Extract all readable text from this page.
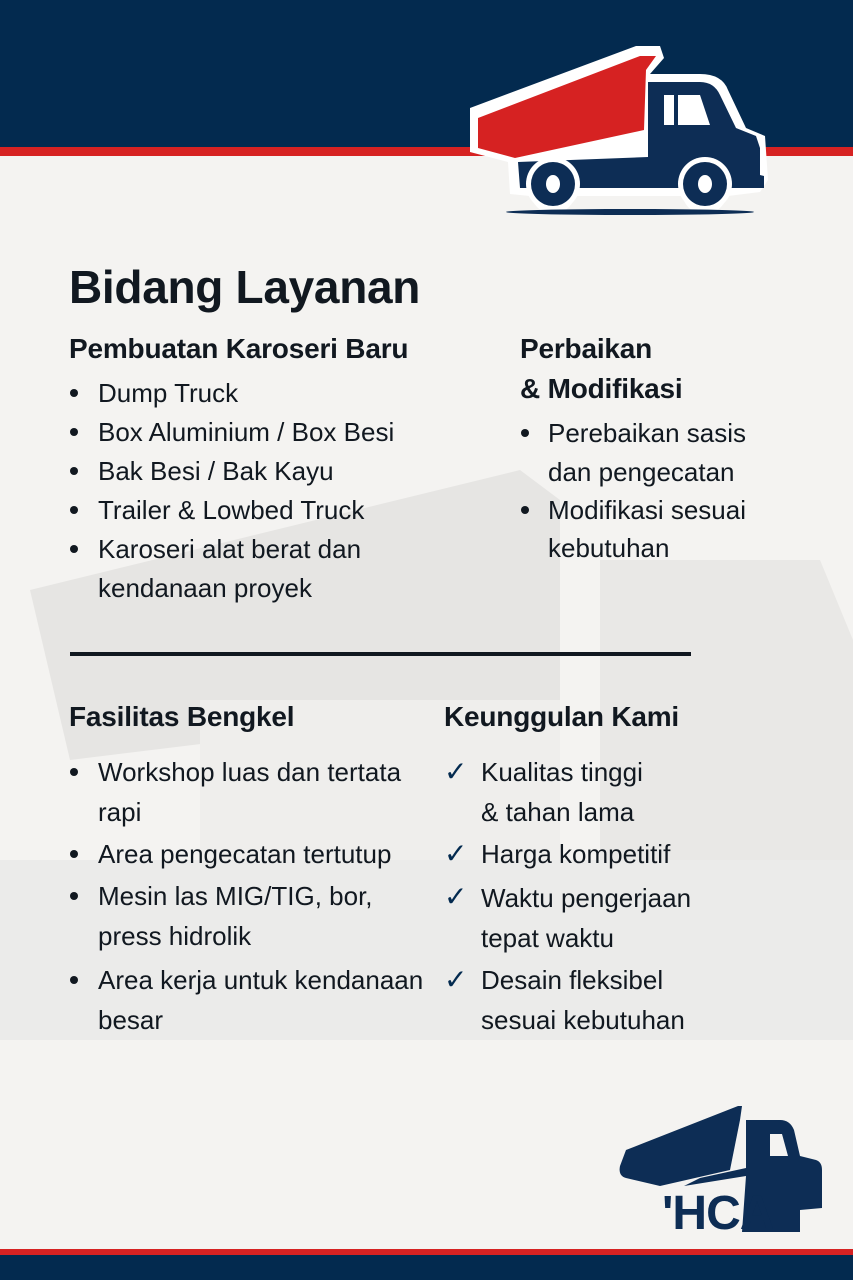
Bidang Layanan
Pembuatan Karoseri Baru
Dump Truck
Box Aluminium / Box Besi
Bak Besi / Bak Kayu
Trailer & Lowbed Truck
Karoseri alat berat dan
kendanaan proyek
Perbaikan
& Modifikasi
Perebaikan sasis
dan pengecatan
Modifikasi sesuai
kebutuhan
Fasilitas Bengkel
Workshop luas dan tertata
rapi
Area pengecatan tertutup
Mesin las MIG/TIG, bor,
press hidrolik
Area kerja untuk kendanaan
besar
Keunggulan Kami
✓ Kualitas tinggi
& tahan lama
✓ Harga kompetitif
✓ Waktu pengerjaan
tepat waktu
✓ Desain fleksibel
sesuai kebutuhan
'HCA
